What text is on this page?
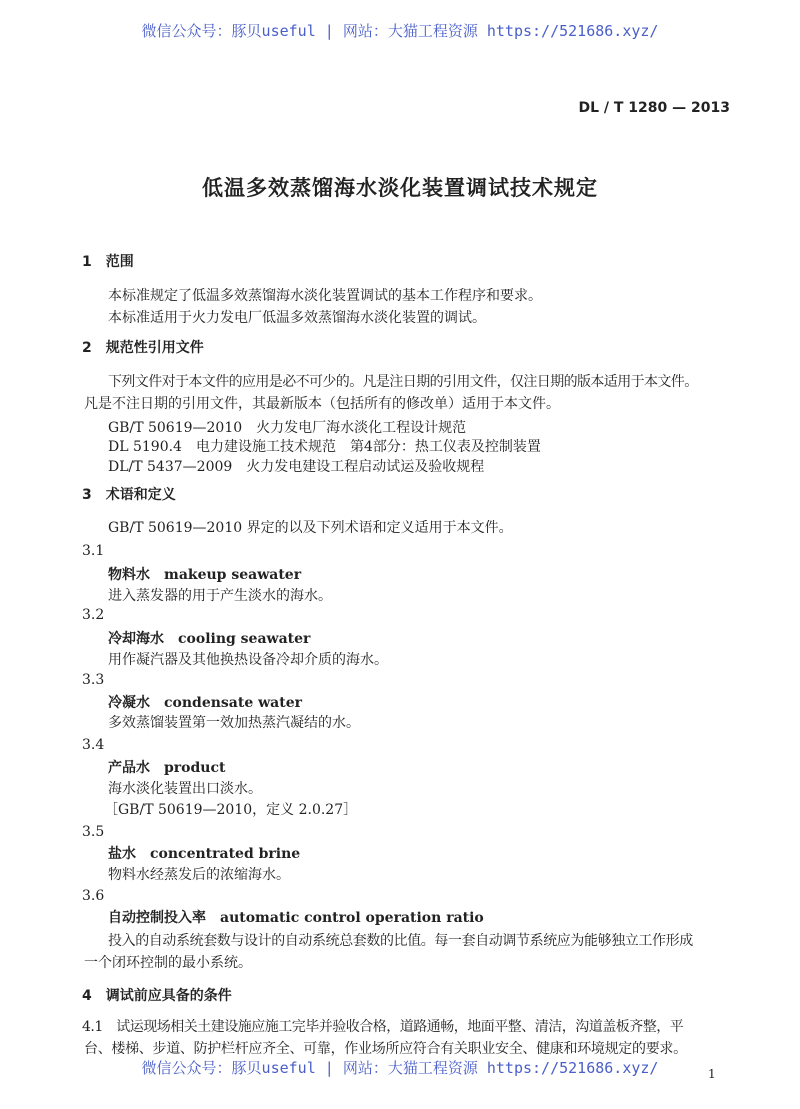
微信公众号：豚贝useful | 网站：大猫工程资源 https://521686.xyz/
DL / T 1280 — 2013
低温多效蒸馏海水淡化装置调试技术规定
1　范围
本标准规定了低温多效蒸馏海水淡化装置调试的基本工作程序和要求。
本标准适用于火力发电厂低温多效蒸馏海水淡化装置的调试。
2　规范性引用文件
下列文件对于本文件的应用是必不可少的。凡是注日期的引用文件，仅注日期的版本适用于本文件。
凡是不注日期的引用文件，其最新版本（包括所有的修改单）适用于本文件。
GB/T 50619—2010　火力发电厂海水淡化工程设计规范
DL 5190.4　电力建设施工技术规范　第4部分：热工仪表及控制装置
DL/T 5437—2009　火力发电建设工程启动试运及验收规程
3　术语和定义
GB/T 50619—2010 界定的以及下列术语和定义适用于本文件。
3.1
物料水　makeup seawater
进入蒸发器的用于产生淡水的海水。
3.2
冷却海水　cooling seawater
用作凝汽器及其他换热设备冷却介质的海水。
3.3
冷凝水　condensate water
多效蒸馏装置第一效加热蒸汽凝结的水。
3.4
产品水　product
海水淡化装置出口淡水。
［GB/T 50619—2010，定义 2.0.27］
3.5
盐水　concentrated brine
物料水经蒸发后的浓缩海水。
3.6
自动控制投入率　automatic control operation ratio
投入的自动系统套数与设计的自动系统总套数的比值。每一套自动调节系统应为能够独立工作形成
一个闭环控制的最小系统。
4　调试前应具备的条件
4.1　试运现场相关土建设施应施工完毕并验收合格，道路通畅，地面平整、清洁，沟道盖板齐整，平
台、楼梯、步道、防护栏杆应齐全、可靠，作业场所应符合有关职业安全、健康和环境规定的要求。
微信公众号：豚贝useful | 网站：大猫工程资源 https://521686.xyz/	1
